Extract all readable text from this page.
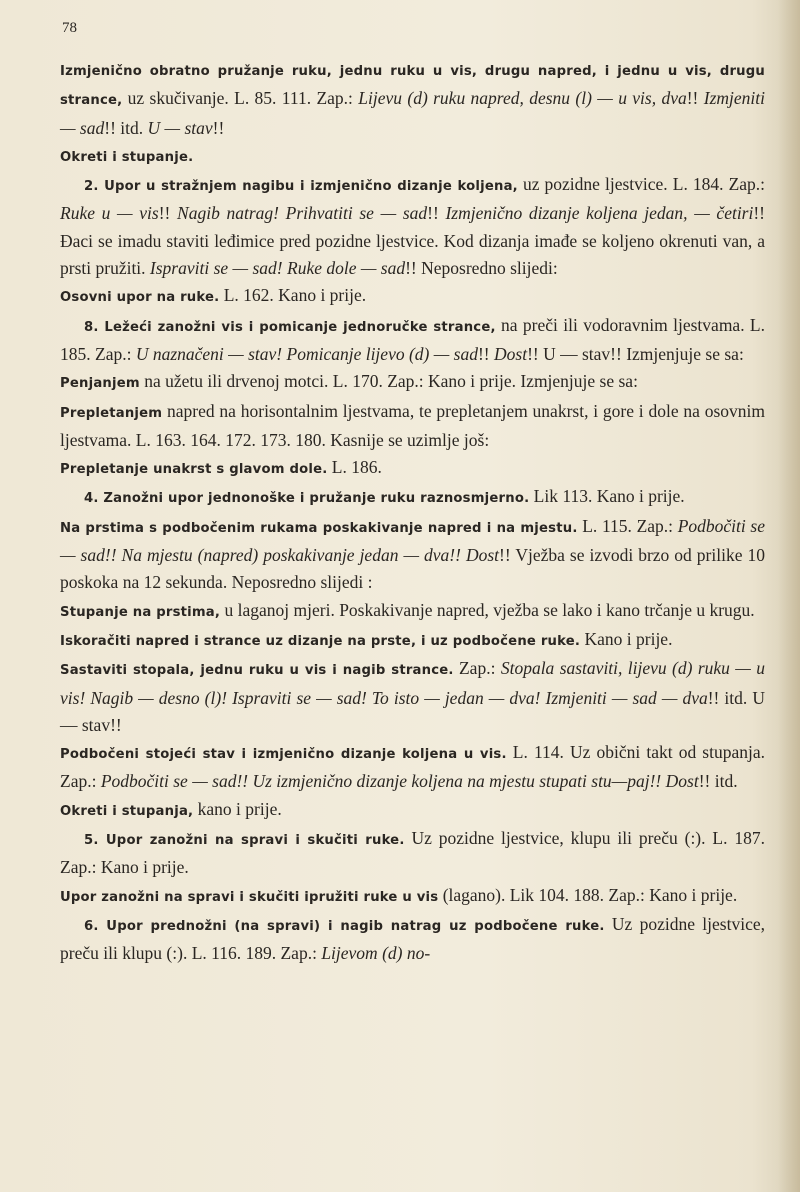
78

Izmjenično obratno pružanje ruku, jednu ruku u vis, drugu napred, i jednu u vis, drugu strance, uz skučivanje. L. 85. 111. Zap.: Lijevu (d) ruku napred, desnu (l) — u vis, dva!! Izmjeniti — sad!! itd. U — stav!!

Okreti i stupanje.

2. Upor u stražnjem nagibu i izmjenično dizanje koljena, uz pozidne ljestvice. L. 184. Zap.: Ruke u — vis!! Nagib natrag! Prihvatiti se — sad!! Izmjenično dizanje koljena jedan, — četiri!! Đaci se imadu staviti leđimice pred pozidne ljestvice. Kod dizanja imađe se koljeno okrenuti van, a prsti pružiti. Ispraviti se — sad! Ruke dole — sad!! Neposredno slijedi:

Osovni upor na ruke. L. 162. Kano i prije.

8. Ležeći zanožni vis i pomicanje jednoručke strance, na preči ili vodoravnim ljestvama. L. 185. Zap.: U naznačeni — stav! Pomicanje lijevo (d) — sad!! Dost!! U — stav!! Izmjenjuje se sa:

Penjanjem na užetu ili drvenoj motci. L. 170. Zap.: Kano i prije. Izmjenjuje se sa:

Prepletanjem napred na horisontalnim ljestvama, te prepletanjem unakrst, i gore i dole na osovnim ljestvama. L. 163. 164. 172. 173. 180. Kasnije se uzimlje još:

Prepletanje unakrst s glavom dole. L. 186.

4. Zanožni upor jednonoške i pružanje ruku raznosmjerno. Lik 113. Kano i prije.

Na prstima s podbočenim rukama poskakivanje napred i na mjestu. L. 115. Zap.: Podbočiti se — sad!! Na mjestu (napred) poskakivanje jedan — dva!! Dost!! Vježba se izvodi brzo od prilike 10 poskoka na 12 sekunda. Neposredno slijedi :

Stupanje na prstima, u laganoj mjeri. Poskakivanje napred, vježba se lako i kano trčanje u krugu.

Iskoračiti napred i strance uz dizanje na prste, i uz podbočene ruke. Kano i prije.

Sastaviti stopala, jednu ruku u vis i nagib strance. Zap.: Stopala sastaviti, lijevu (d) ruku — u vis! Nagib — desno (l)! Ispraviti se — sad! To isto — jedan — dva! Izmjeniti — sad — dva!! itd. U — stav!!

Podbočeni stojeći stav i izmjenično dizanje koljena u vis. L. 114. Uz obični takt od stupanja. Zap.: Podbočiti se — sad!! Uz izmjenično dizanje koljena na mjestu stupati stu—paj!! Dost!! itd.

Okreti i stupanja, kano i prije.

5. Upor zanožni na spravi i skučiti ruke. Uz pozidne ljestvice, klupu ili preču (:). L. 187. Zap.: Kano i prije.

Upor zanožni na spravi i skučiti ipružiti ruke u vis (lagano). Lik 104. 188. Zap.: Kano i prije.

6. Upor prednožni (na spravi) i nagib natrag uz podbočene ruke. Uz pozidne ljestvice, preču ili klupu (:). L. 116. 189. Zap.: Lijevom (d) no-
